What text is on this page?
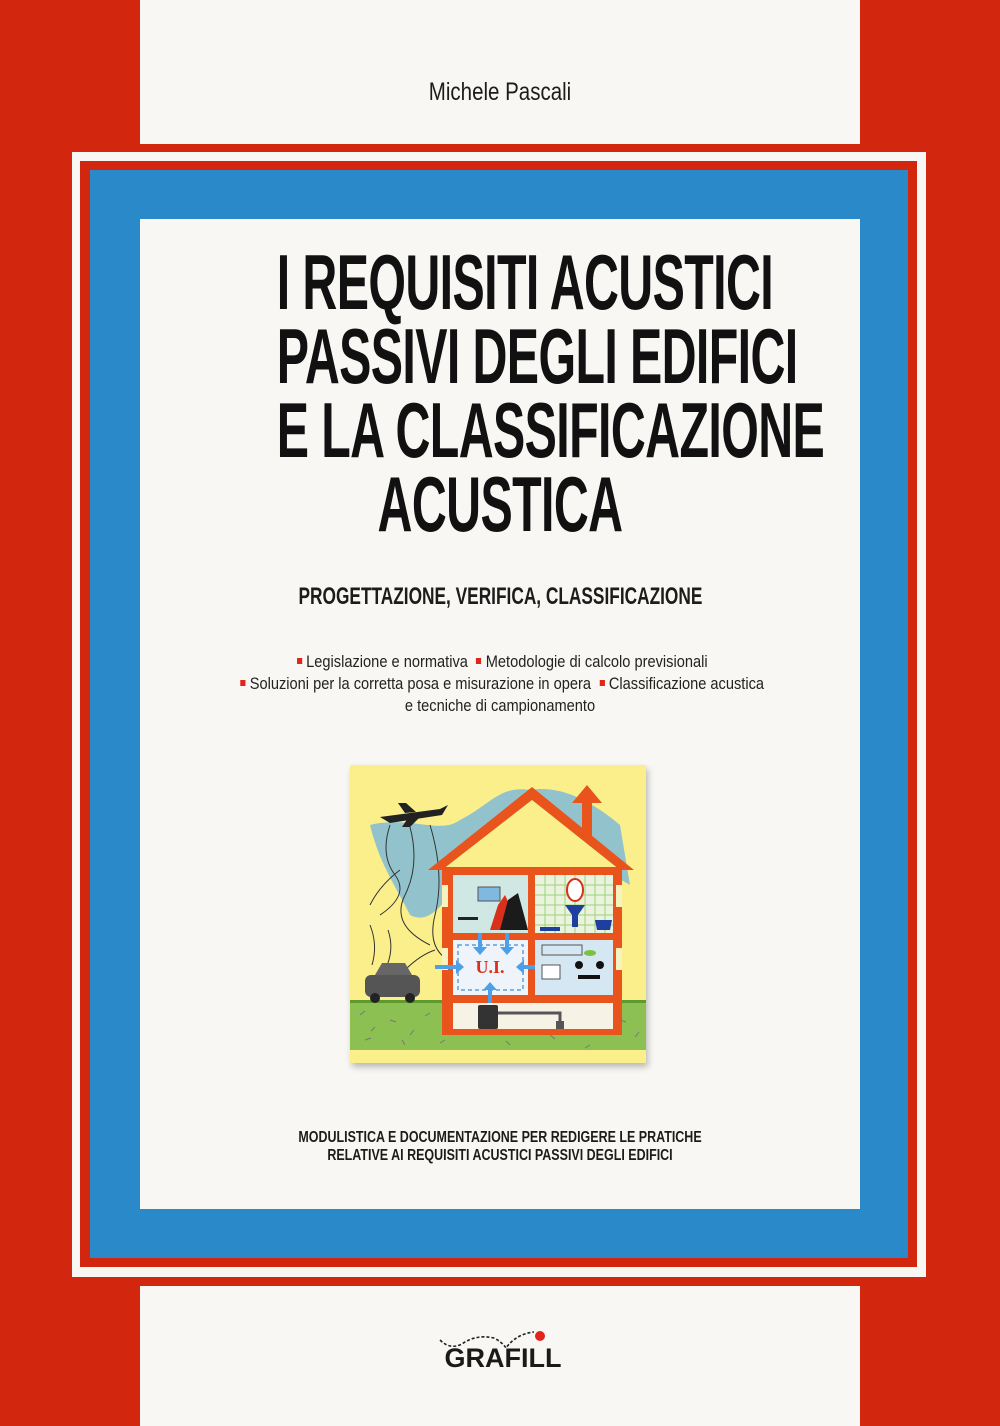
Michele Pascali
I REQUISITI ACUSTICI
PASSIVI DEGLI EDIFICI
E LA CLASSIFICAZIONE
ACUSTICA
PROGETTAZIONE, VERIFICA, CLASSIFICAZIONE
Legislazione e normativa Metodologie di calcolo previsionali
Soluzioni per la corretta posa e misurazione in opera Classificazione acustica
e tecniche di campionamento
U.I.
MODULISTICA E DOCUMENTAZIONE PER REDIGERE LE PRATICHE
RELATIVE AI REQUISITI ACUSTICI PASSIVI DEGLI EDIFICI
GRAFILL
